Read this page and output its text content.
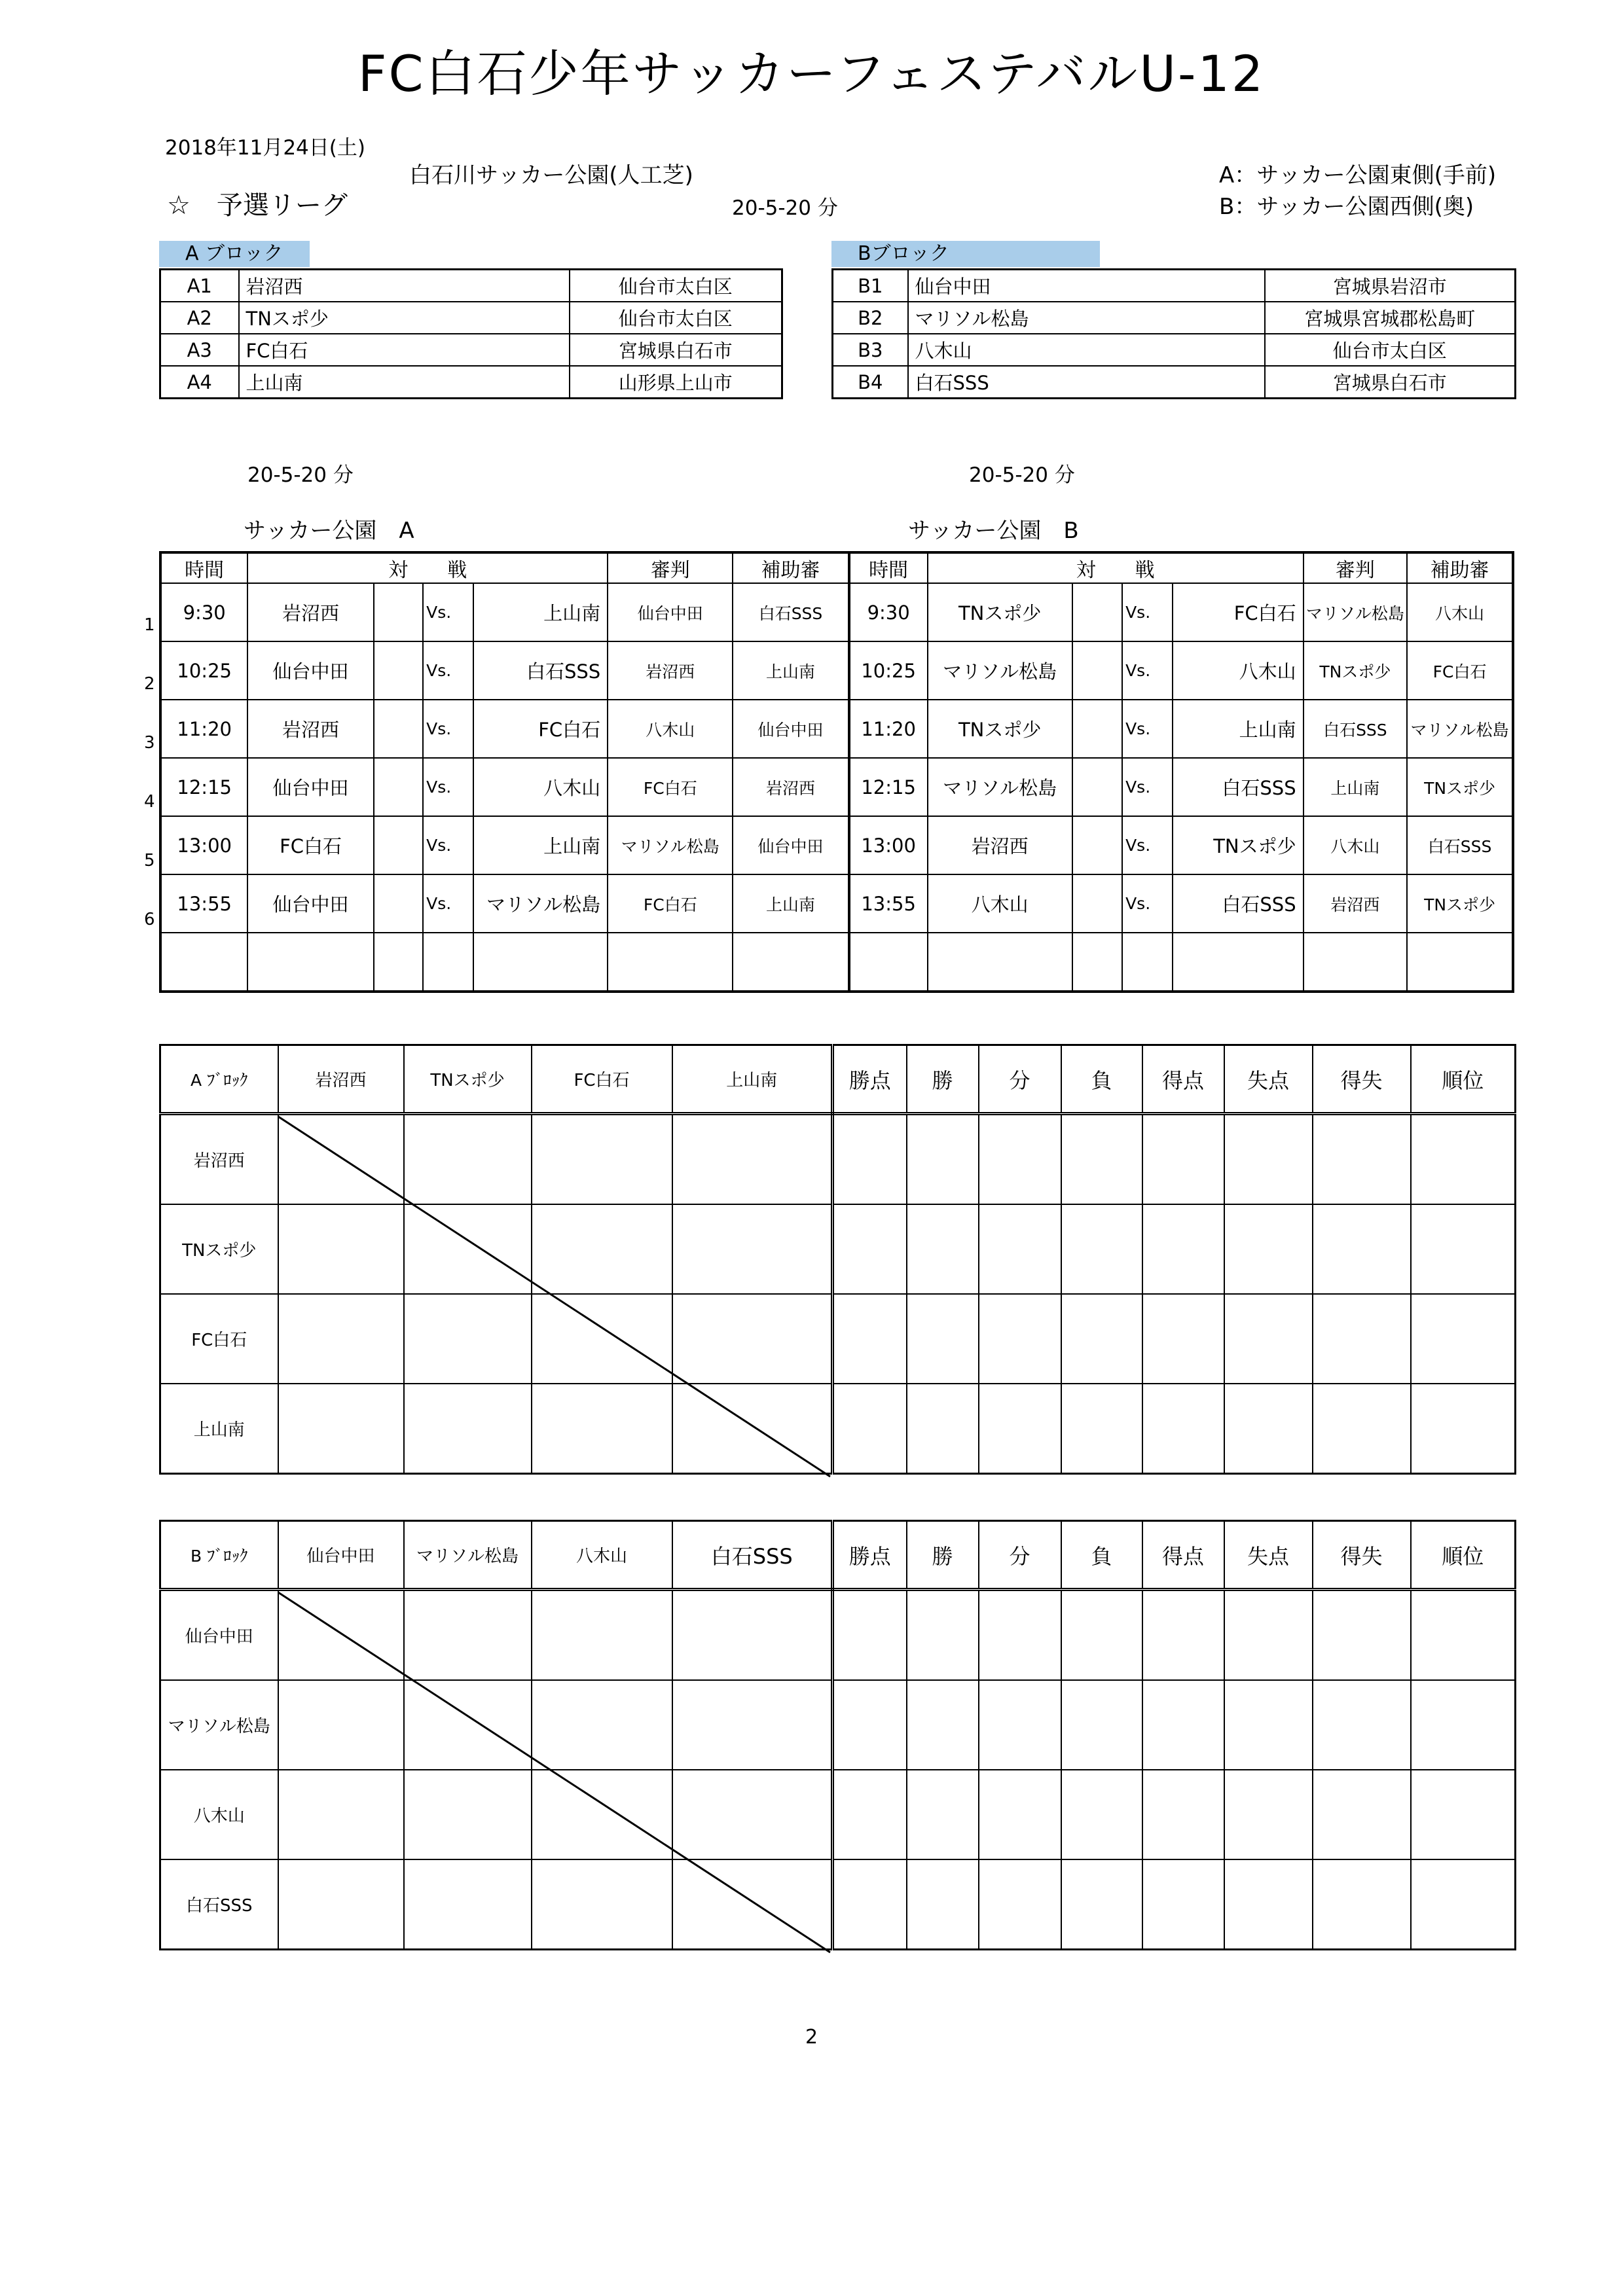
FC白石少年サッカーフェステバルU-12
2018年11月24日(土)
白石川サッカー公園(人工芝)	A：サッカー公園東側(手前)
B：サッカー公園西側(奥)
☆　予選リーグ	20-5-20 分
A ブロック	Bブロック
A1	岩沼西	仙台市太白区
A2	TNスポ少	仙台市太白区
A3	FC白石	宮城県白石市
A4	上山南	山形県上山市
B1	仙台中田	宮城県岩沼市
B2	マリソル松島	宮城県宮城郡松島町
B3	八木山	仙台市太白区
B4	白石SSS	宮城県白石市
20-5-20 分	20-5-20 分
サッカー公園　A	サッカー公園　B
1
2
3
4
5
6
時間	対　　戦				審判	補助審	時間	対　　戦				審判	補助審
9:30	岩沼西		Vs.	上山南	仙台中田	白石SSS	9:30	TNスポ少		Vs.	FC白石	マリソル松島	八木山
10:25	仙台中田		Vs.	白石SSS	岩沼西	上山南	10:25	マリソル松島		Vs.	八木山	TNスポ少	FC白石
11:20	岩沼西		Vs.	FC白石	八木山	仙台中田	11:20	TNスポ少		Vs.	上山南	白石SSS	マリソル松島
12:15	仙台中田		Vs.	八木山	FC白石	岩沼西	12:15	マリソル松島		Vs.	白石SSS	上山南	TNスポ少
13:00	FC白石		Vs.	上山南	マリソル松島	仙台中田	13:00	岩沼西		Vs.	TNスポ少	八木山	白石SSS
13:55	仙台中田		Vs.	マリソル松島	FC白石	上山南	13:55	八木山		Vs.	白石SSS	岩沼西	TNスポ少

A ﾌﾞﾛｯｸ	岩沼西	TNスポ少	FC白石	上山南	勝点	勝	分	負	得点	失点	得失	順位
岩沼西												
TNスポ少												
FC白石												
上山南												
B ﾌﾞﾛｯｸ	仙台中田	マリソル松島	八木山	白石SSS	勝点	勝	分	負	得点	失点	得失	順位
仙台中田												
マリソル松島												
八木山												
白石SSS												
2
